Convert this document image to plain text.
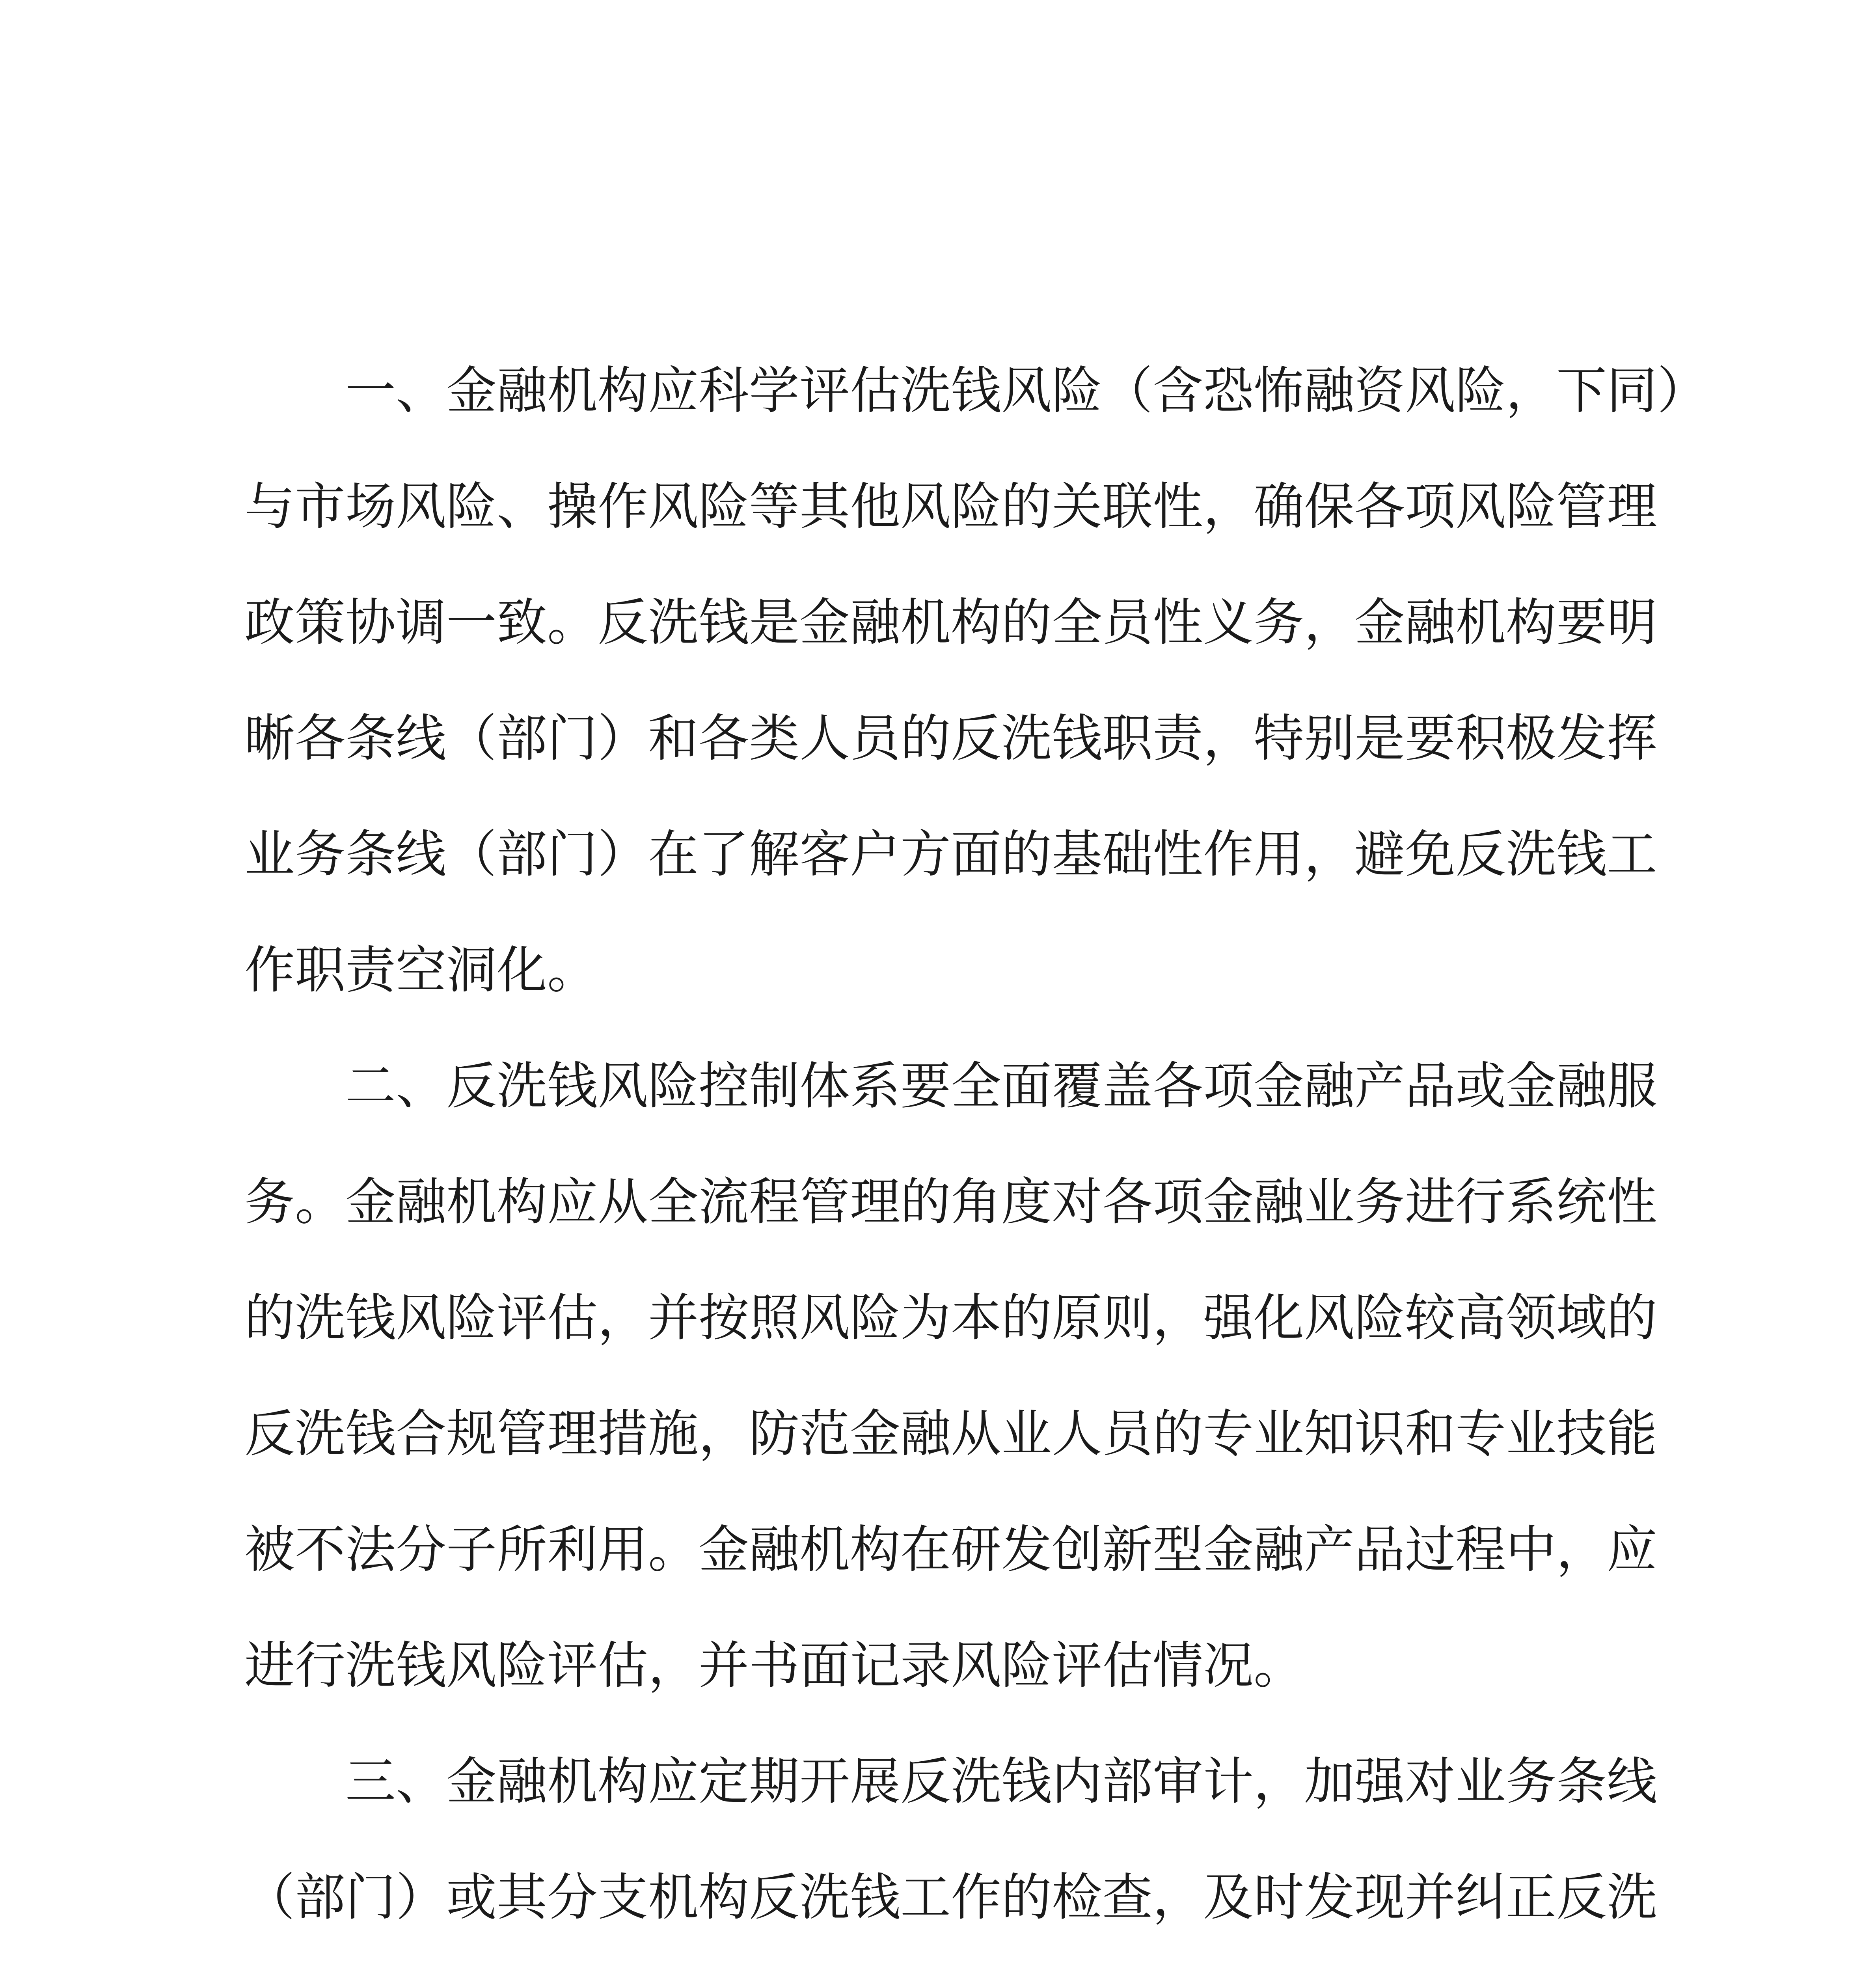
一、金融机构应科学评估洗钱风险（含恐怖融资风险，下同）
与市场风险、操作风险等其他风险的关联性，确保各项风险管理
政策协调一致。反洗钱是金融机构的全员性义务，金融机构要明
晰各条线（部门）和各类人员的反洗钱职责，特别是要积极发挥
业务条线（部门）在了解客户方面的基础性作用，避免反洗钱工
作职责空洞化。
二、反洗钱风险控制体系要全面覆盖各项金融产品或金融服
务。金融机构应从全流程管理的角度对各项金融业务进行系统性
的洗钱风险评估，并按照风险为本的原则，强化风险较高领域的
反洗钱合规管理措施，防范金融从业人员的专业知识和专业技能
被不法分子所利用。金融机构在研发创新型金融产品过程中，应
进行洗钱风险评估，并书面记录风险评估情况。
三、金融机构应定期开展反洗钱内部审计，加强对业务条线
（部门）或其分支机构反洗钱工作的检查，及时发现并纠正反洗
